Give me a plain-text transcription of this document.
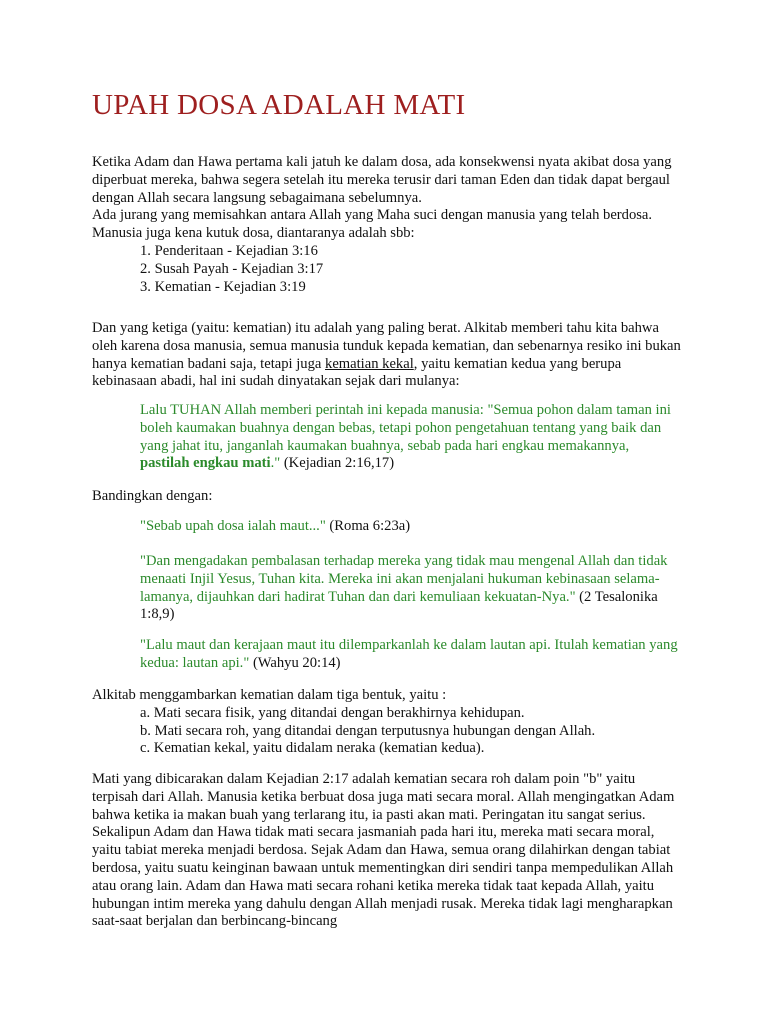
UPAH DOSA ADALAH MATI

Ketika Adam dan Hawa pertama kali jatuh ke dalam dosa, ada konsekwensi nyata akibat dosa yang diperbuat mereka, bahwa segera setelah itu mereka terusir dari taman Eden dan tidak dapat bergaul dengan Allah secara langsung sebagaimana sebelumnya.

Ada jurang yang memisahkan antara Allah yang Maha suci dengan manusia yang telah berdosa.

Manusia juga kena kutuk dosa, diantaranya adalah sbb:

1. Penderitaan - Kejadian 3:16
2. Susah Payah - Kejadian 3:17
3. Kematian - Kejadian 3:19

Dan yang ketiga (yaitu: kematian) itu adalah yang paling berat. Alkitab memberi tahu kita bahwa oleh karena dosa manusia, semua manusia tunduk kepada kematian, dan sebenarnya resiko ini bukan hanya kematian badani saja, tetapi juga kematian kekal, yaitu kematian kedua yang berupa kebinasaan abadi, hal ini sudah dinyatakan sejak dari mulanya:

Lalu TUHAN Allah memberi perintah ini kepada manusia: "Semua pohon dalam taman ini boleh kaumakan buahnya dengan bebas, tetapi pohon pengetahuan tentang yang baik dan yang jahat itu, janganlah kaumakan buahnya, sebab pada hari engkau memakannya, pastilah engkau mati." (Kejadian 2:16,17)
Bandingkan dengan:
"Sebab upah dosa ialah maut..." (Roma 6:23a)
"Dan mengadakan pembalasan terhadap mereka yang tidak mau mengenal Allah dan tidak menaati Injil Yesus, Tuhan kita. Mereka ini akan menjalani hukuman kebinasaan selama-lamanya, dijauhkan dari hadirat Tuhan dan dari kemuliaan kekuatan-Nya." (2 Tesalonika 1:8,9)
"Lalu maut dan kerajaan maut itu dilemparkanlah ke dalam lautan api. Itulah kematian yang kedua: lautan api." (Wahyu 20:14)

Alkitab menggambarkan kematian dalam tiga bentuk, yaitu :

a. Mati secara fisik, yang ditandai dengan berakhirnya kehidupan.
b. Mati secara roh, yang ditandai dengan terputusnya hubungan dengan Allah.
c. Kematian kekal, yaitu didalam neraka (kematian kedua).

Mati yang dibicarakan dalam Kejadian 2:17 adalah kematian secara roh dalam poin "b" yaitu terpisah dari Allah. Manusia ketika berbuat dosa juga mati secara moral. Allah mengingatkan Adam bahwa ketika ia makan buah yang terlarang itu, ia pasti akan mati. Peringatan itu sangat serius. Sekalipun Adam dan Hawa tidak mati secara jasmaniah pada hari itu, mereka mati secara moral, yaitu tabiat mereka menjadi berdosa. Sejak Adam dan Hawa, semua orang dilahirkan dengan tabiat berdosa, yaitu suatu keinginan bawaan untuk mementingkan diri sendiri tanpa mempedulikan Allah atau orang lain. Adam dan Hawa mati secara rohani ketika mereka tidak taat kepada Allah, yaitu hubungan intim mereka yang dahulu dengan Allah menjadi rusak. Mereka tidak lagi mengharapkan saat-saat berjalan dan berbincang-bincang
